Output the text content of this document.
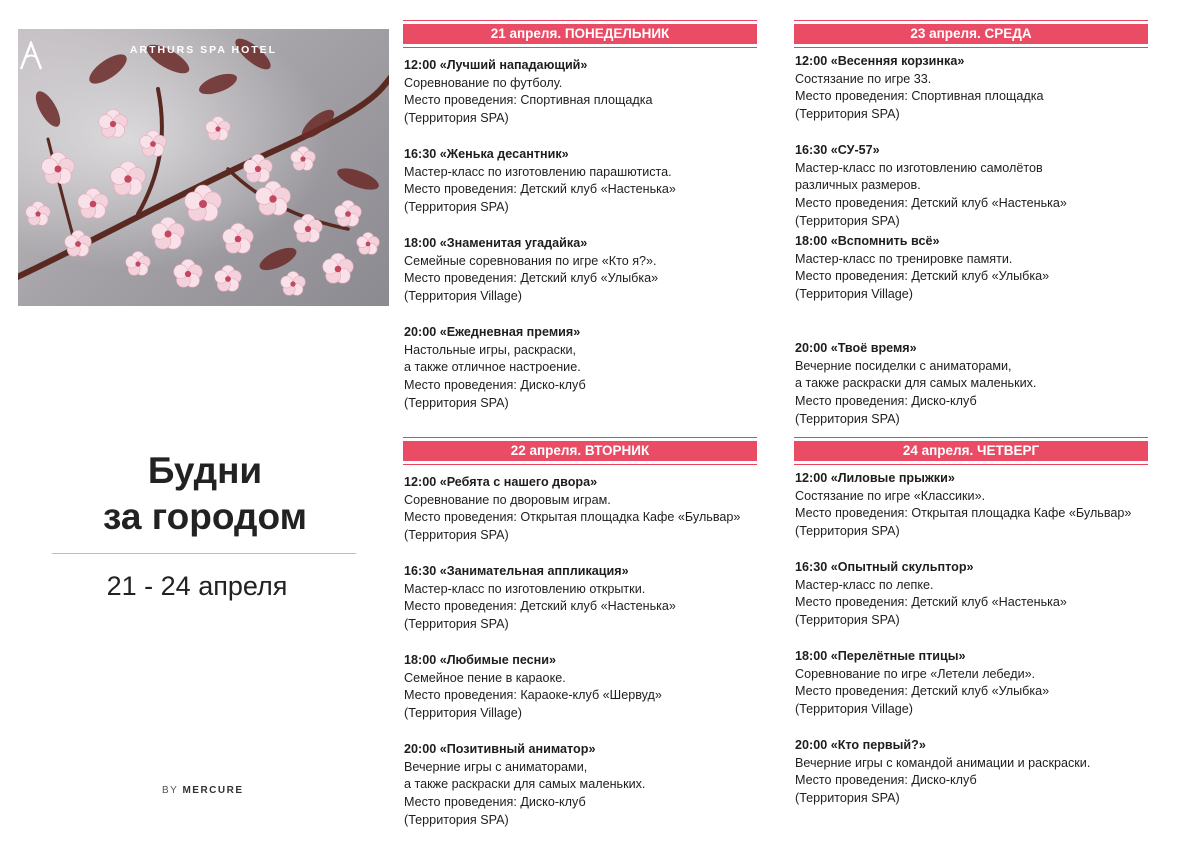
ARTHURS SPA HOTEL
Будни
за городом
21 - 24 апреля
BY MERCURE
21 апреля. ПОНЕДЕЛЬНИК
12:00 «Лучший нападающий»
Соревнование по футболу.
Место проведения: Спортивная площадка
(Территория SPA)
16:30 «Женька десантник»
Мастер-класс по изготовлению парашютиста.
Место проведения: Детский клуб «Настенька»
(Территория SPA)
18:00 «Знаменитая угадайка»
Семейные соревнования по игре «Кто я?».
Место проведения: Детский клуб «Улыбка»
(Территория Village)
20:00 «Ежедневная премия»
Настольные игры, раскраски,
а также отличное настроение.
Место проведения: Диско-клуб
(Территория SPA)
22 апреля. ВТОРНИК
12:00 «Ребята с нашего двора»
Соревнование по дворовым играм.
Место проведения: Открытая площадка Кафе «Бульвар»
(Территория SPA)
16:30 «Занимательная аппликация»
Мастер-класс по изготовлению открытки.
Место проведения: Детский клуб «Настенька»
(Территория SPA)
18:00 «Любимые песни»
Семейное пение в караоке.
Место проведения: Караоке-клуб «Шервуд»
(Территория Village)
20:00 «Позитивный аниматор»
Вечерние игры с аниматорами,
а также раскраски для самых маленьких.
Место проведения: Диско-клуб
(Территория SPA)
23 апреля. СРЕДА
12:00 «Весенняя корзинка»
Состязание по игре 33.
Место проведения: Спортивная площадка
(Территория SPA)
16:30 «СУ-57»
Мастер-класс по изготовлению самолётов
различных размеров.
Место проведения: Детский клуб «Настенька»
(Территория SPA)
18:00 «Вспомнить всё»
Мастер-класс по тренировке памяти.
Место проведения: Детский клуб «Улыбка»
(Территория Village)
20:00 «Твоё время»
Вечерние посиделки с аниматорами,
а также раскраски для самых маленьких.
Место проведения: Диско-клуб
(Территория SPA)
24 апреля. ЧЕТВЕРГ
12:00 «Лиловые прыжки»
Состязание по игре «Классики».
Место проведения: Открытая площадка Кафе «Бульвар»
(Территория SPA)
16:30 «Опытный скульптор»
Мастер-класс по лепке.
Место проведения: Детский клуб «Настенька»
(Территория SPA)
18:00 «Перелётные птицы»
Соревнование по игре «Летели лебеди».
Место проведения: Детский клуб «Улыбка»
(Территория Village)
20:00 «Кто первый?»
Вечерние игры с командой анимации и раскраски.
Место проведения: Диско-клуб
(Территория SPA)
